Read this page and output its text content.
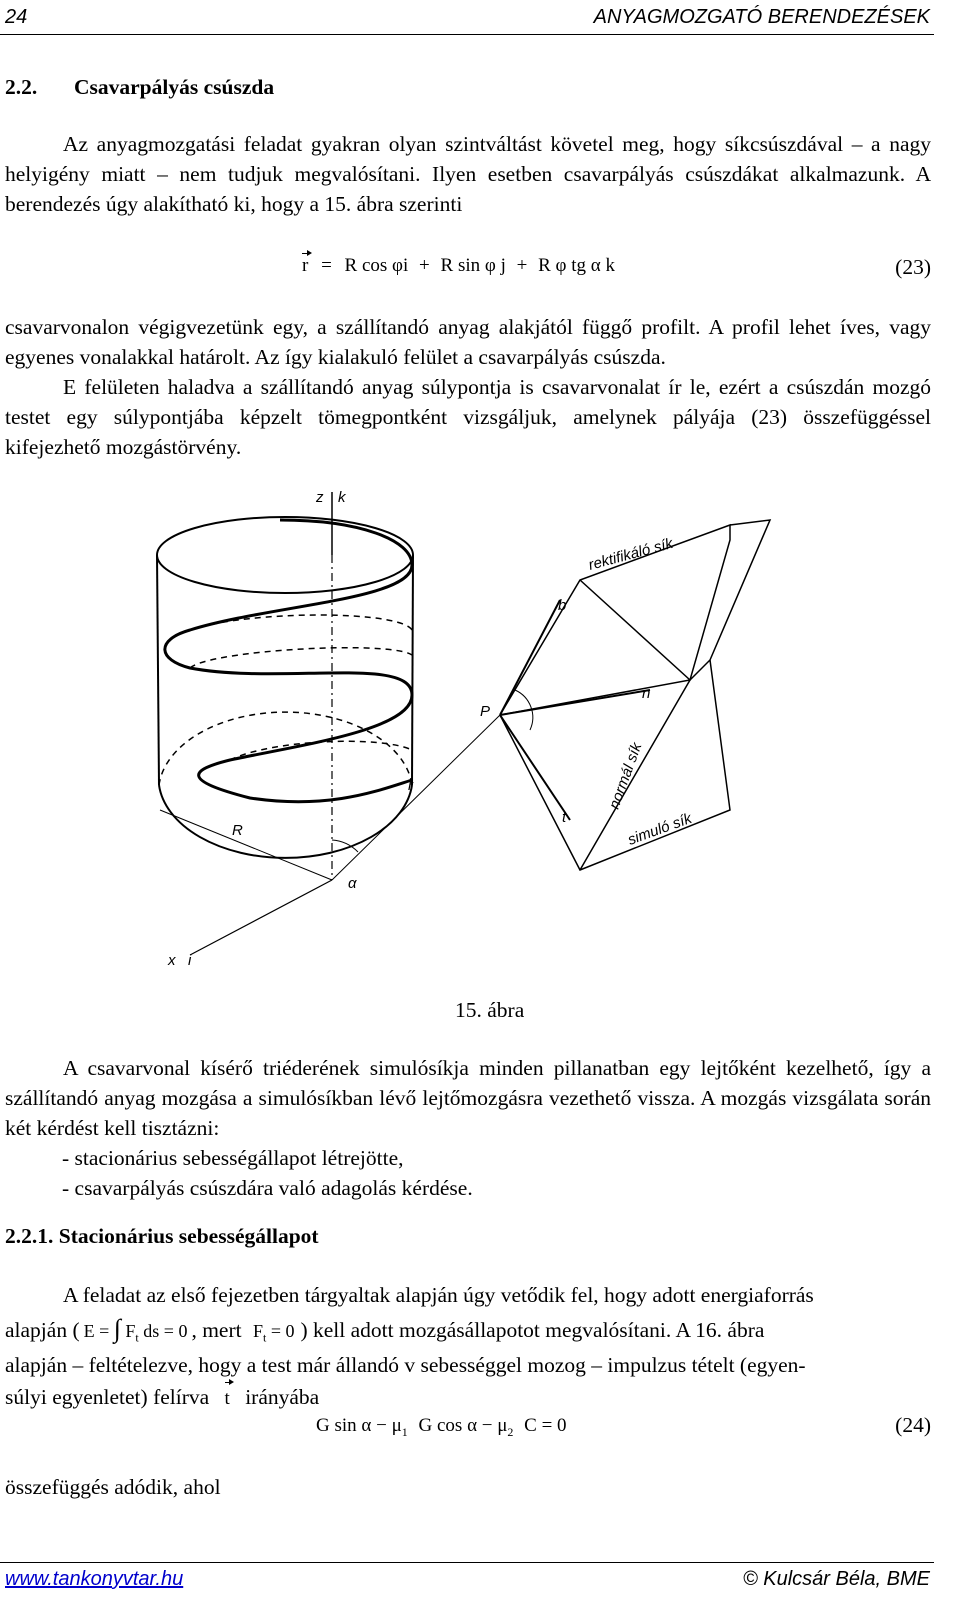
24	ANYAGMOZGATÓ BERENDEZÉSEK
2.2. Csavarpályás csúszda
Az anyagmozgatási feladat gyakran olyan szintváltást követel meg, hogy síkcsúszdával – a nagy helyigény miatt – nem tudjuk megvalósítani. Ilyen esetben csavarpályás csúszdákat alkalmazunk. A berendezés úgy alakítható ki, hogy a 15. ábra szerinti
r = R cos φi + R sin φ j + R φ tg α k	(23)
csavarvonalon végigvezetünk egy, a szállítandó anyag alakjától függő profilt. A profil lehet íves, vagy egyenes vonalakkal határolt. Az így kialakuló felület a csavarpályás csúszda.
E felületen haladva a szállítandó anyag súlypontja is csavarvonalat ír le, ezért a csúszdán mozgó testet egy súlypontjába képzelt tömegpontként vizsgáljuk, amelynek pályája (23) összefüggéssel kifejezhető mozgástörvény.
z k
x i
R
r
α
P
b
n
t
rektifikáló sík
normál sík
simuló sík
15. ábra
A csavarvonal kísérő triéderének simulósíkja minden pillanatban egy lejtőként kezelhető, így a szállítandó anyag mozgása a simulósíkban lévő lejtőmozgásra vezethető vissza. A mozgás vizsgálata során két kérdést kell tisztázni:
- stacionárius sebességállapot létrejötte,
- csavarpályás csúszdára való adagolás kérdése.
2.2.1. Stacionárius sebességállapot
A feladat az első fejezetben tárgyaltak alapján úgy vetődik fel, hogy adott energiaforrás
alapján ( E = ∫ $F_t$ ds = 0 , mert $F_t = 0$ ) kell adott mozgásállapotot megvalósítani. A 16. ábra
alapján – feltételezve, hogy a test már állandó v sebességgel mozog – impulzus tételt (egyen-
súlyi egyenletet) felírva t irányába
G $\sin \alpha - \mu_1$ G $\cos \alpha - \mu_2$ C = 0	(24)
összefüggés adódik, ahol
www.tankonyvtar.hu	© Kulcsár Béla, BME
